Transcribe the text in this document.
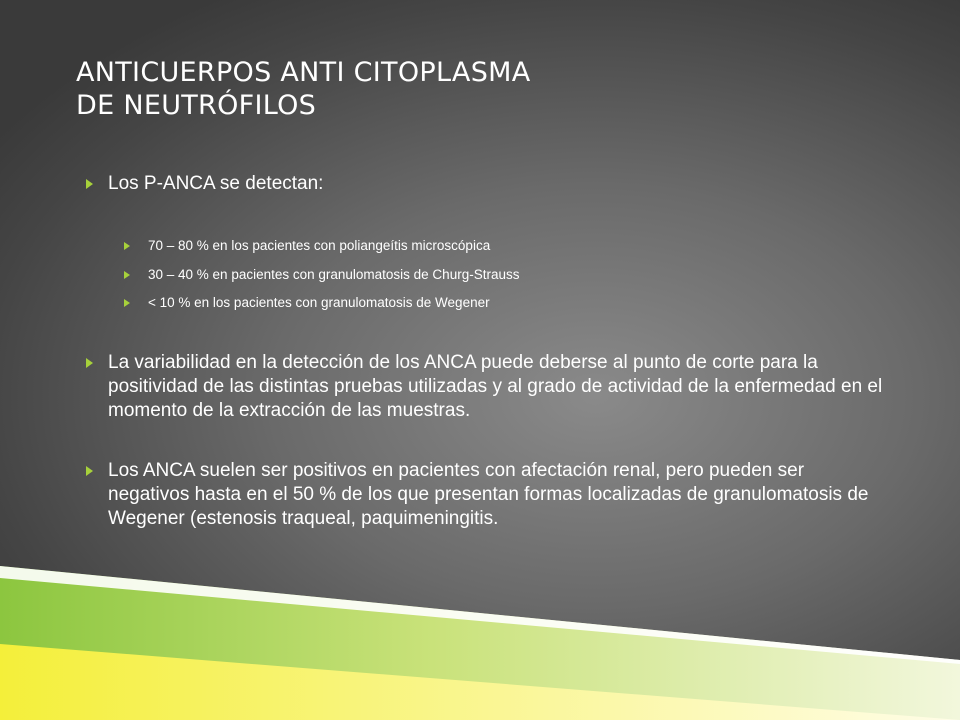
ANTICUERPOS ANTI CITOPLASMA
DE NEUTRÓFILOS
Los P-ANCA se detectan:
70 – 80 % en los pacientes con poliangeítis microscópica
30 – 40 % en pacientes con granulomatosis de Churg-Strauss
< 10 % en los pacientes con granulomatosis de Wegener
La variabilidad en la detección de los ANCA puede deberse al punto de corte para la positividad de las distintas pruebas utilizadas y al grado de actividad de la enfermedad en el momento de la extracción de las muestras.
Los ANCA suelen ser positivos en pacientes con afectación renal, pero pueden ser negativos hasta en el 50 % de los que presentan formas localizadas de granulomatosis de Wegener (estenosis traqueal, paquimeningitis.
